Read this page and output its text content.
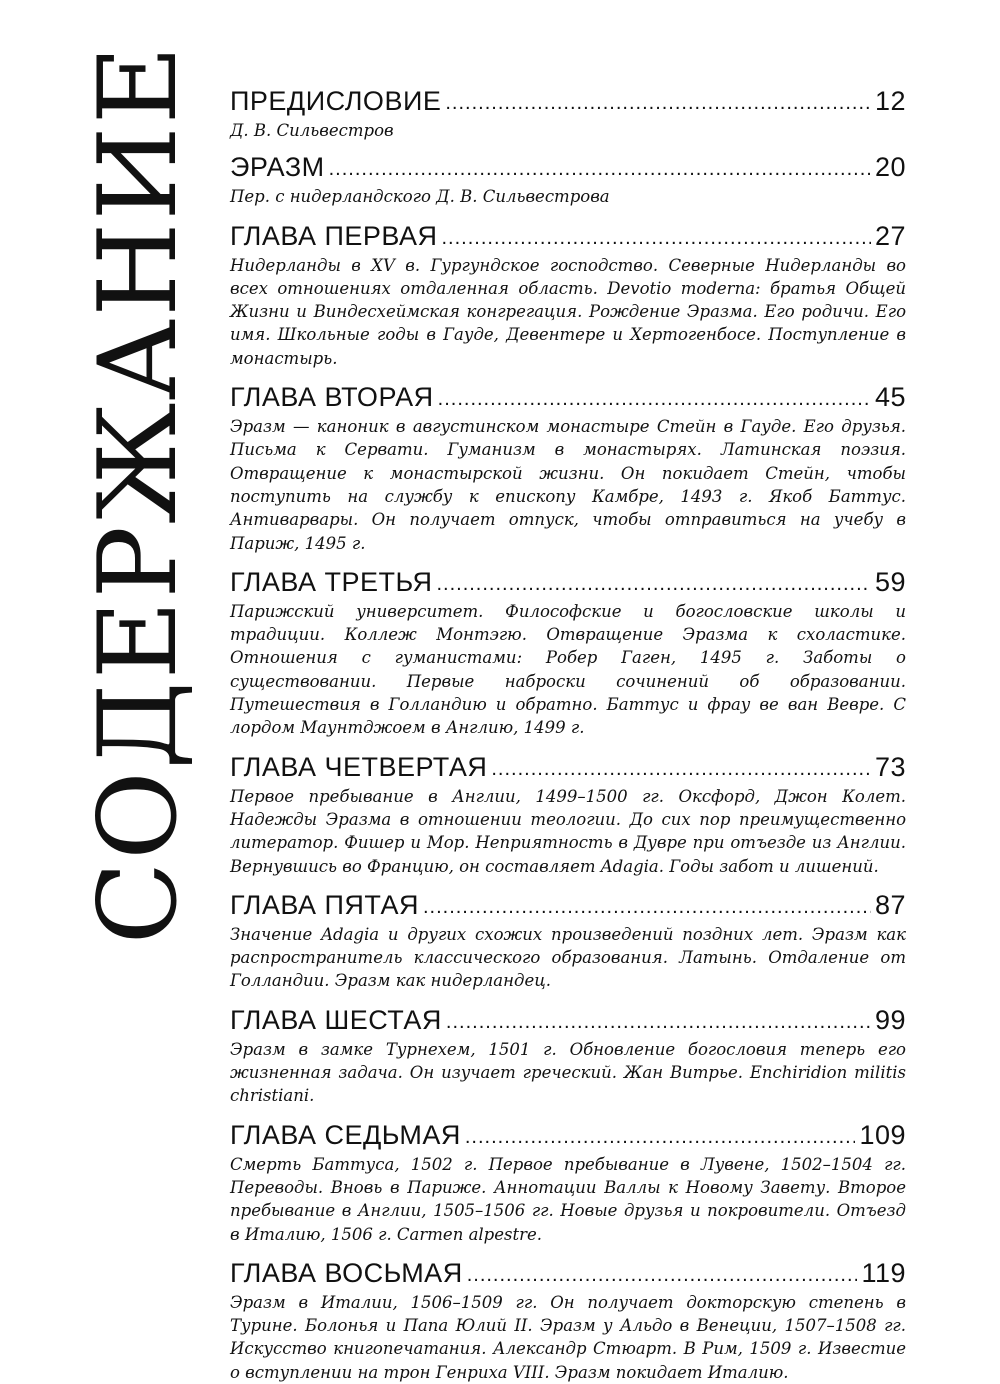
СОДЕРЖАНИЕ ПРЕДИСЛОВИЕ .....	12
Д. В. Сильвестров
ЭРАЗМ .....	20
Пер. с нидерландского Д. В. Сильвестрова
ГЛАВА ПЕРВАЯ .....	27
Нидерланды в XV в. Гургундское господство. Северные Нидерланды во всех отношениях отдаленная область. Devotio moderna: братья Общей Жизни и Виндесхеймская конгрегация. Рождение Эразма. Его родичи. Его имя. Школьные годы в Гауде, Девентере и Хертогенбосе. Поступление в монастырь.
ГЛАВА ВТОРАЯ .....	45
Эразм — каноник в августинском монастыре Стейн в Гауде. Его друзья. Письма к Сервати. Гуманизм в монастырях. Латинская поэзия. Отвращение к монастырской жизни. Он покидает Стейн, чтобы поступить на службу к епископу Камбре, 1493 г. Якоб Баттус. Антиварвары. Он получает отпуск, чтобы отправиться на учебу в Париж, 1495 г.
ГЛАВА ТРЕТЬЯ .....	59
Парижский университет. Философские и богословские школы и традиции. Коллеж Монтэгю. Отвращение Эразма к схоластике. Отношения с гуманистами: Робер Гаген, 1495 г. Заботы о существовании. Первые наброски сочинений об образовании. Путешествия в Голландию и обратно. Баттус и фрау ве ван Вевре. С лордом Маунтджоем в Англию, 1499 г.
ГЛАВА ЧЕТВЕРТАЯ .....	73
Первое пребывание в Англии, 1499–1500 гг. Оксфорд, Джон Колет. Надежды Эразма в отношении теологии. До сих пор преимущественно литератор. Фишер и Мор. Неприятность в Дувре при отъезде из Англии. Вернувшись во Францию, он составляет Adagia. Годы забот и лишений.
ГЛАВА ПЯТАЯ .....	87
Значение Adagia и других схожих произведений поздних лет. Эразм как распространитель классического образования. Латынь. Отдаление от Голландии. Эразм как нидерландец.
ГЛАВА ШЕСТАЯ .....	99
Эразм в замке Турнехем, 1501 г. Обновление богословия теперь его жизненная задача. Он изучает греческий. Жан Витрье. Enchiridion militis christiani.
ГЛАВА СЕДЬМАЯ .....	109
Смерть Баттуса, 1502 г. Первое пребывание в Лувене, 1502–1504 гг. Переводы. Вновь в Париже. Аннотации Валлы к Новому Завету. Второе пребывание в Англии, 1505–1506 гг. Новые друзья и покровители. Отъезд в Италию, 1506 г. Carmen alpestre.
ГЛАВА ВОСЬМАЯ .....	119
Эразм в Италии, 1506–1509 гг. Он получает докторскую степень в Турине. Болонья и Папа Юлий II. Эразм у Альдо в Венеции, 1507–1508 гг. Искусство книгопечатания. Александр Стюарт. В Рим, 1509 г. Известие о вступлении на трон Генриха VIII. Эразм покидает Италию.
